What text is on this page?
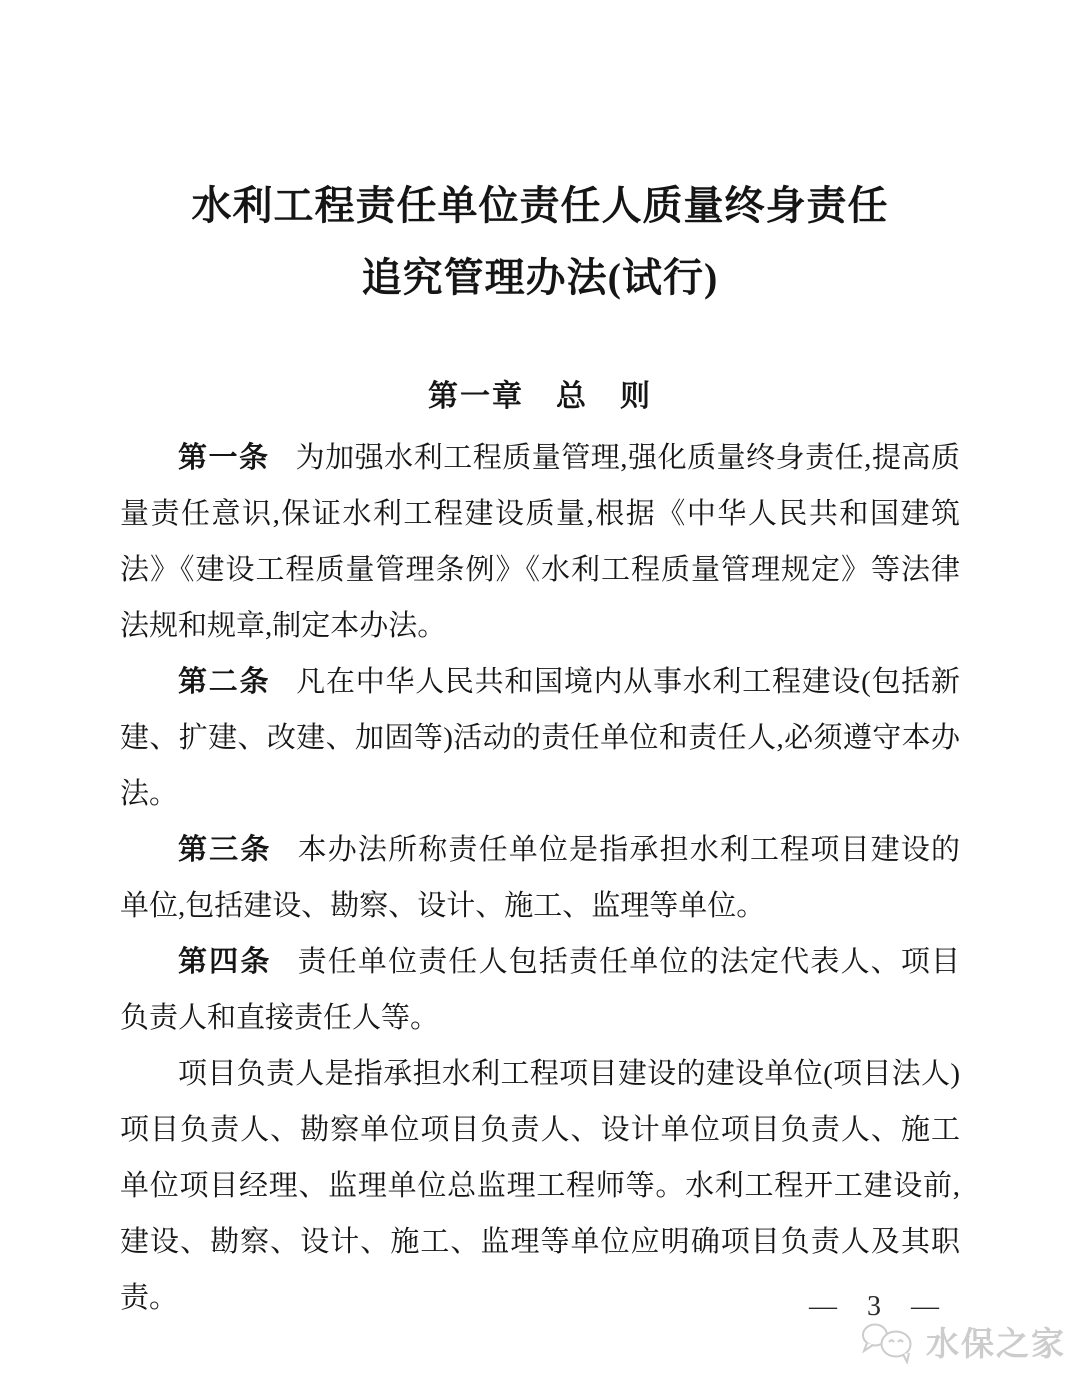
水利工程责任单位责任人质量终身责任
追究管理办法(试行)
第一章　总　则

第一条 为加强水利工程质量管理,强化质量终身责任,提高质量责任意识,保证水利工程建设质量,根据《中华人民共和国建筑法》《建设工程质量管理条例》《水利工程质量管理规定》等法律法规和规章,制定本办法。

第二条 凡在中华人民共和国境内从事水利工程建设(包括新建、扩建、改建、加固等)活动的责任单位和责任人,必须遵守本办法。

第三条 本办法所称责任单位是指承担水利工程项目建设的单位,包括建设、勘察、设计、施工、监理等单位。

第四条 责任单位责任人包括责任单位的法定代表人、项目负责人和直接责任人等。

项目负责人是指承担水利工程项目建设的建设单位(项目法人)项目负责人、勘察单位项目负责人、设计单位项目负责人、施工单位项目经理、监理单位总监理工程师等。水利工程开工建设前,建设、勘察、设计、施工、监理等单位应明确项目负责人及其职责。	—　3　—
水保之家
